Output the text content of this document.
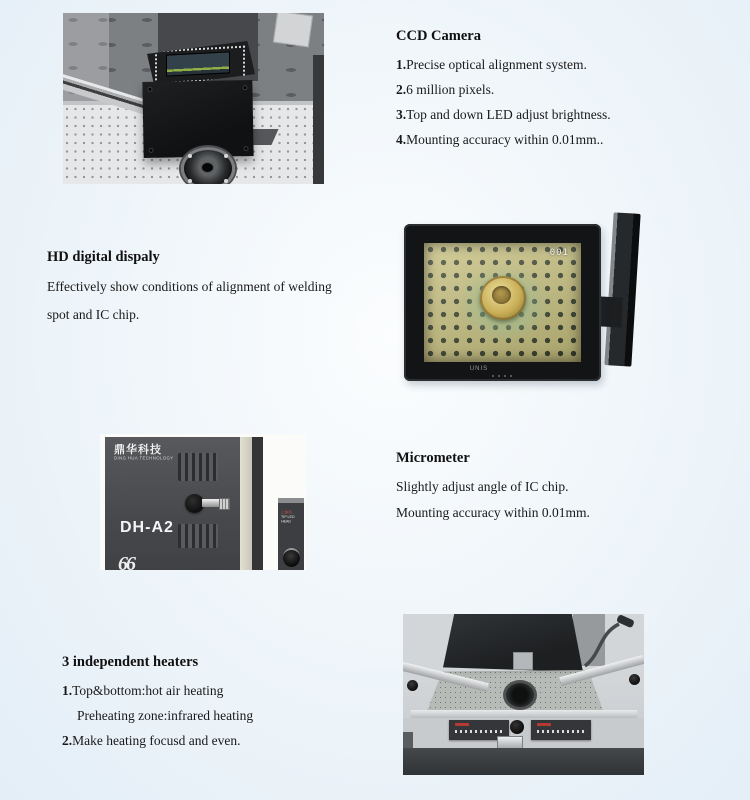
CCD Camera
1.Precise optical alignment system.
2.6 million pixels.
3.Top and down LED adjust brightness.
4.Mounting accuracy within 0.01mm..
HD digital dispaly
Effectively show conditions of alignment of welding
spot and IC chip.
001
UNIS
鼎华科技
DING HUA TECHNOLOGY
DH-A2
66
上热风
TIP LED
HEAD
Micrometer
Slightly adjust angle of IC chip.
Mounting accuracy within 0.01mm.
3 independent heaters
1.Top&bottom:hot air heating
Preheating zone:infrared heating
2.Make heating focusd and even.
